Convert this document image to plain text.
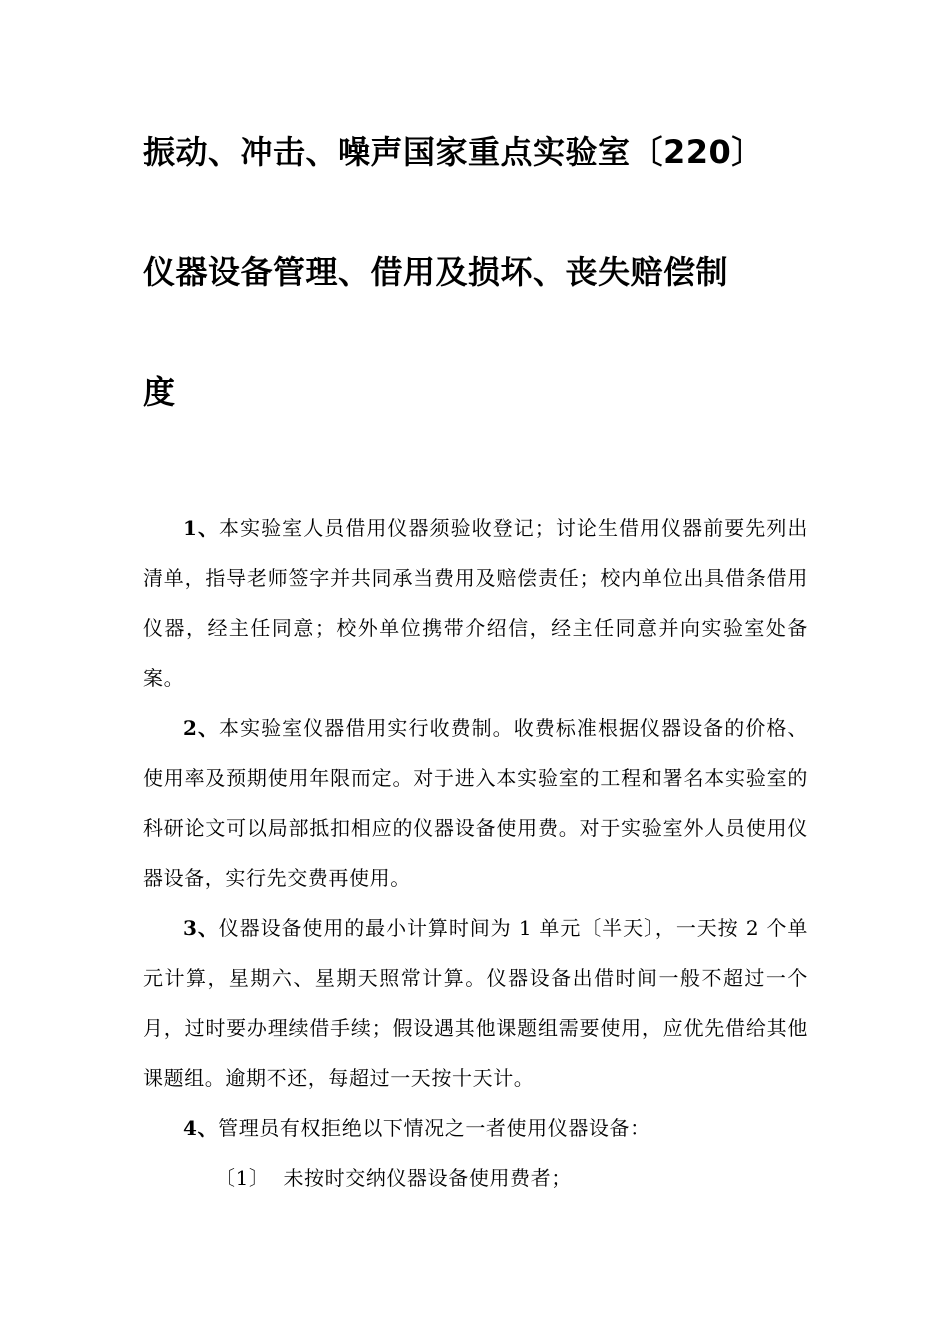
振动、冲击、噪声国家重点实验室〔220〕
仪器设备管理、借用及损坏、丧失赔偿制
度

1、本实验室人员借用仪器须验收登记；讨论生借用仪器前要先列出清单，指导老师签字并共同承当费用及赔偿责任；校内单位出具借条借用仪器，经主任同意；校外单位携带介绍信，经主任同意并向实验室处备案。

2、本实验室仪器借用实行收费制。收费标准根据仪器设备的价格、使用率及预期使用年限而定。对于进入本实验室的工程和署名本实验室的科研论文可以局部抵扣相应的仪器设备使用费。对于实验室外人员使用仪器设备，实行先交费再使用。

3、仪器设备使用的最小计算时间为 1 单元〔半天〕，一天按 2 个单元计算，星期六、星期天照常计算。仪器设备出借时间一般不超过一个月，过时要办理续借手续；假设遇其他课题组需要使用，应优先借给其他课题组。逾期不还，每超过一天按十天计。

4、管理员有权拒绝以下情况之一者使用仪器设备：

〔1〕 未按时交纳仪器设备使用费者；
